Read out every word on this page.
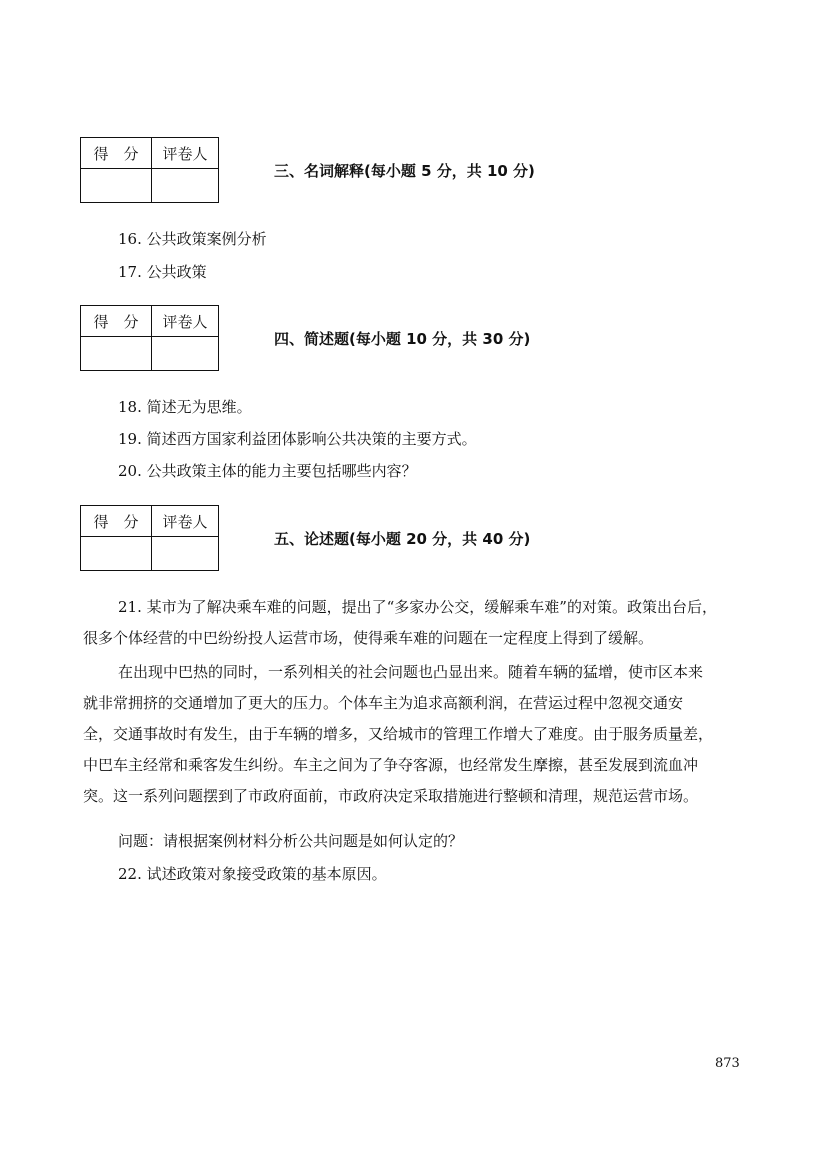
得　分	评卷人

三、名词解释(每小题 5 分，共 10 分)
16. 公共政策案例分析
17. 公共政策
得　分	评卷人

四、简述题(每小题 10 分，共 30 分)
18. 简述无为思维。
19. 简述西方国家利益团体影响公共决策的主要方式。
20. 公共政策主体的能力主要包括哪些内容？
得　分	评卷人

五、论述题(每小题 20 分，共 40 分)
21. 某市为了解决乘车难的问题，提出了“多家办公交，缓解乘车难”的对策。政策出台后，
很多个体经营的中巴纷纷投人运营市场，使得乘车难的问题在一定程度上得到了缓解。
在出现中巴热的同时，一系列相关的社会问题也凸显出来。随着车辆的猛增，使市区本来
就非常拥挤的交通增加了更大的压力。个体车主为追求高额利润，在营运过程中忽视交通安
全，交通事故时有发生，由于车辆的增多，又给城市的管理工作增大了难度。由于服务质量差，
中巴车主经常和乘客发生纠纷。车主之间为了争夺客源，也经常发生摩擦，甚至发展到流血冲
突。这一系列问题摆到了市政府面前，市政府决定采取措施进行整顿和清理，规范运营市场。
问题：请根据案例材料分析公共问题是如何认定的？
22. 试述政策对象接受政策的基本原因。
873
